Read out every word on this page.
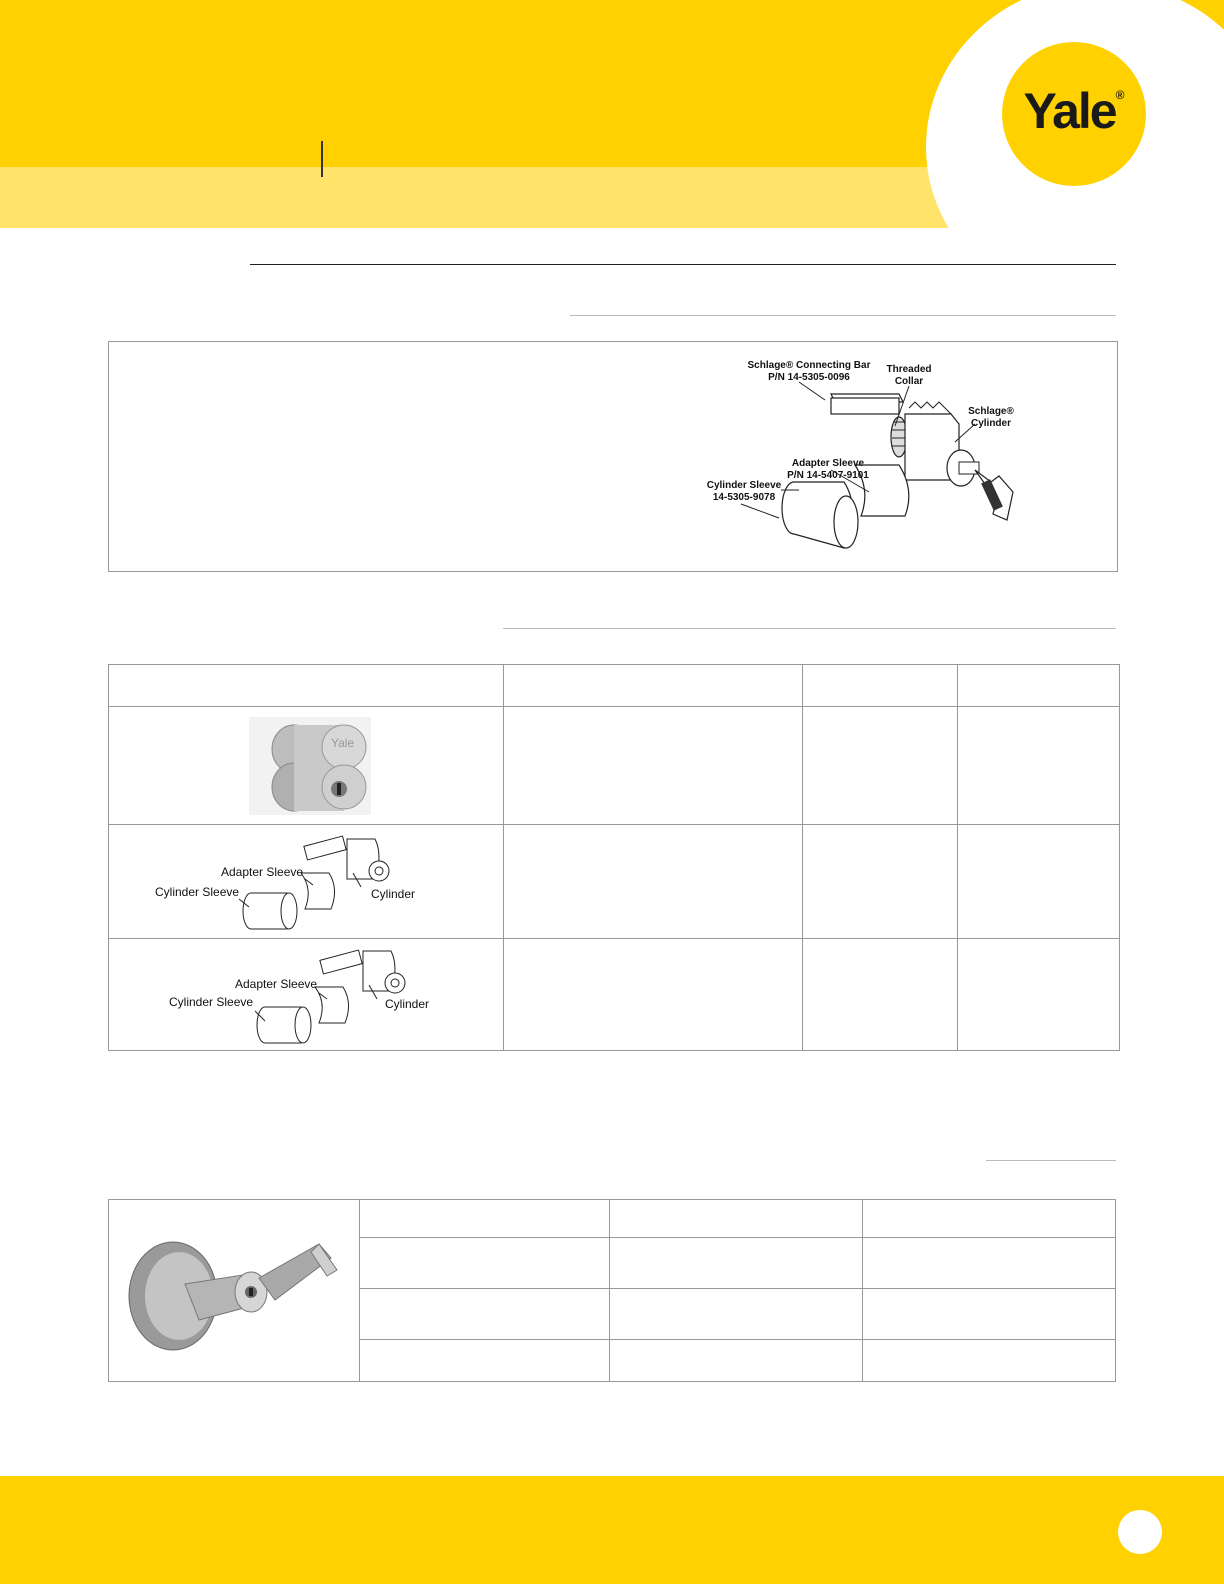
Yale®
Schlage® Connecting Bar
P/N 14-5305-0096
Threaded
Collar
Schlage®
Cylinder
Adapter Sleeve
P/N 14-5407-9101
Cylinder Sleeve
14-5305-9078

Yale			

Adapter Sleeve
Cylinder Sleeve Cylinder			

Adapter Sleeve
Cylinder Sleeve Cylinder			
